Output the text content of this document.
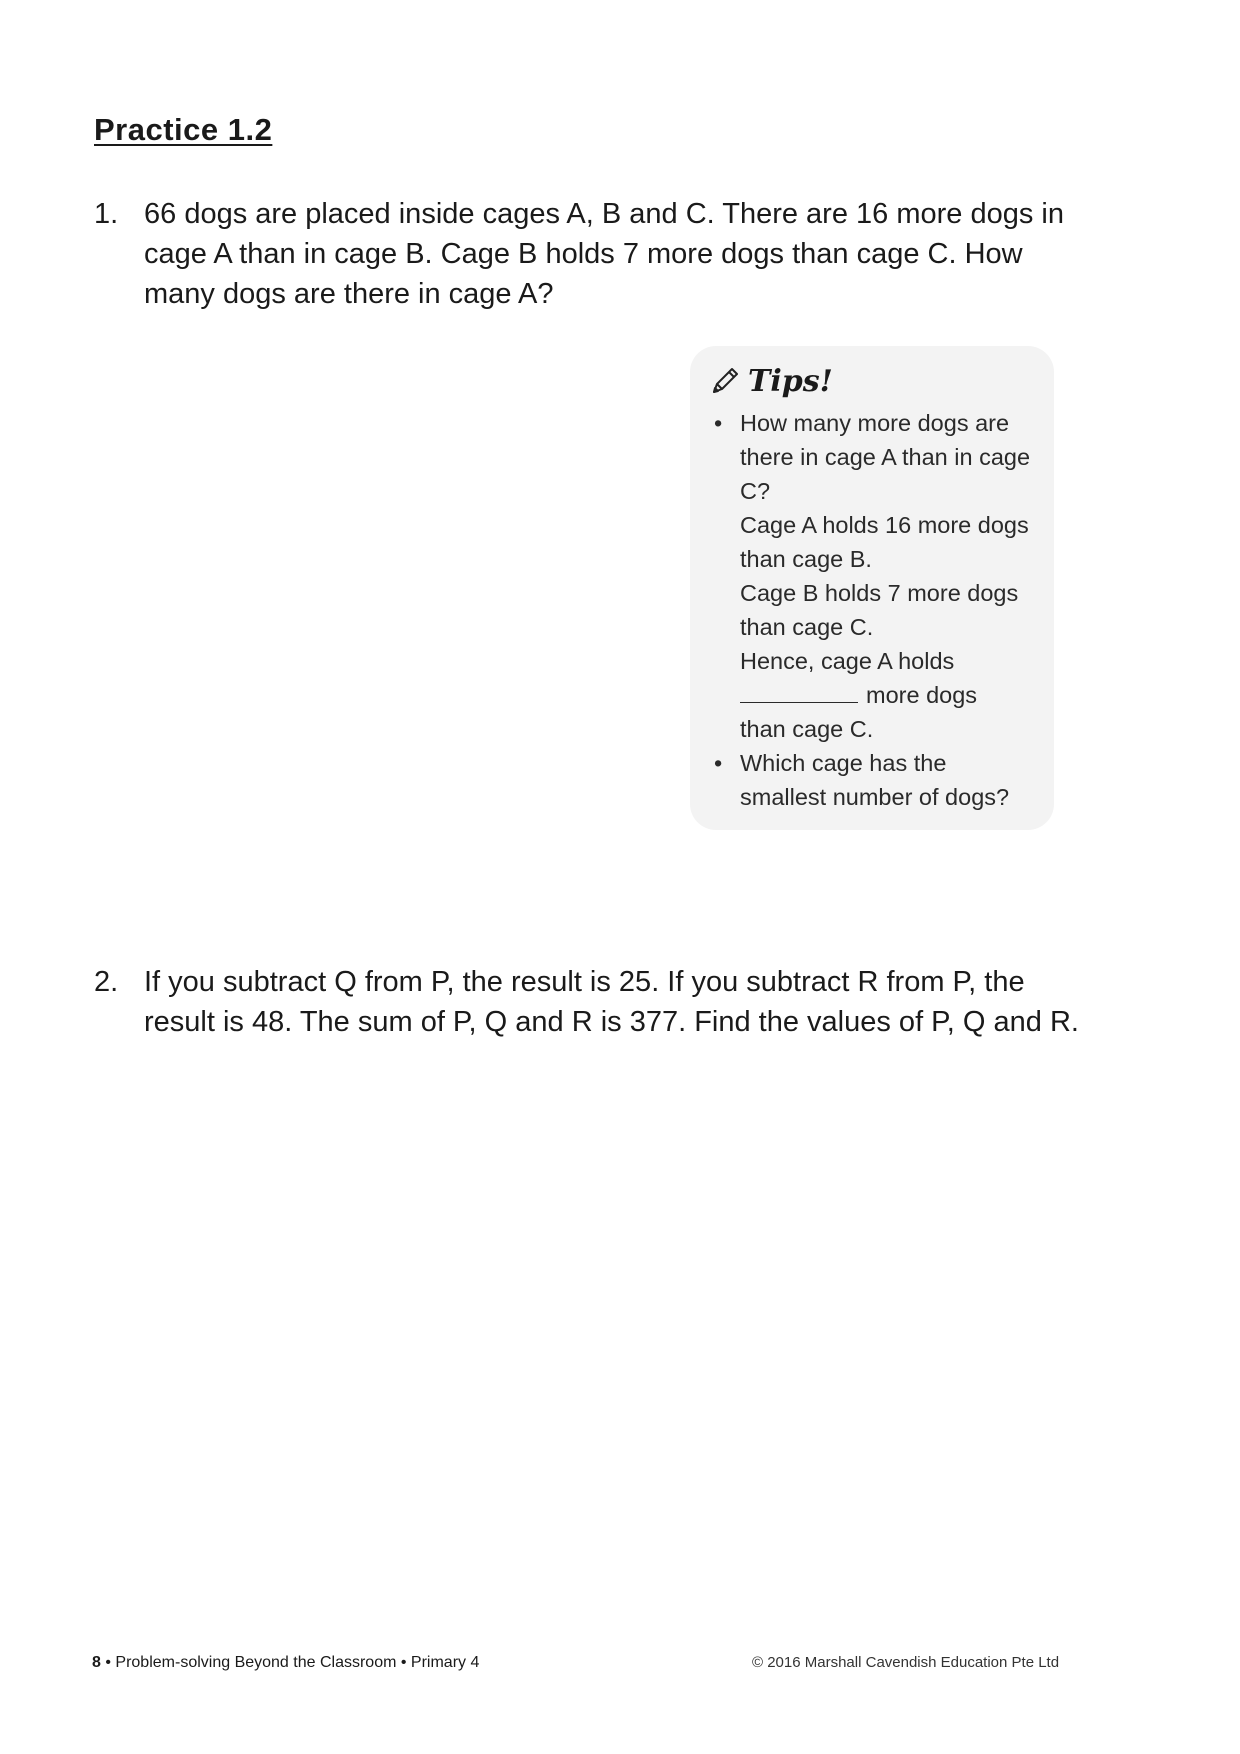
Practice 1.2
1. 66 dogs are placed inside cages A, B and C. There are 16 more dogs in cage A than in cage B. Cage B holds 7 more dogs than cage C. How many dogs are there in cage A?
Tips!
• How many more dogs are there in cage A than in cage C?
Cage A holds 16 more dogs than cage B.
Cage B holds 7 more dogs than cage C.
Hence, cage A holds
more dogs
than cage C.
• Which cage has the smallest number of dogs?
2. If you subtract Q from P, the result is 25. If you subtract R from P, the result is 48. The sum of P, Q and R is 377. Find the values of P, Q and R.
8 • Problem-solving Beyond the Classroom • Primary 4	© 2016 Marshall Cavendish Education Pte Ltd
